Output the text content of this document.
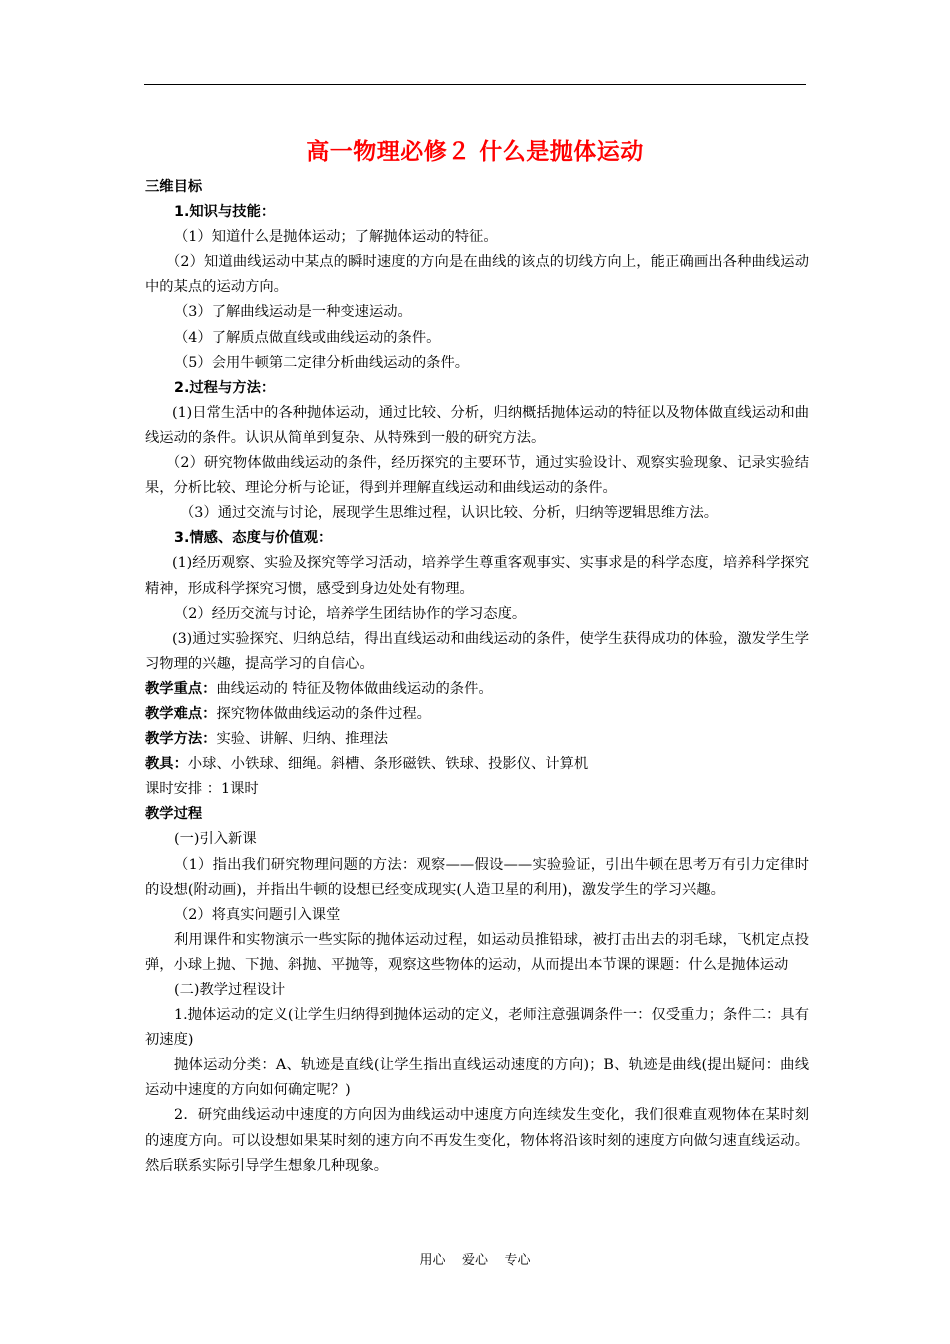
高一物理必修２ 什么是抛体运动

三维目标

1.知识与技能：

（1）知道什么是抛体运动；了解抛体运动的特征。

（2）知道曲线运动中某点的瞬时速度的方向是在曲线的该点的切线方向上，能正确画出各种曲线运动中的某点的运动方向。

（3）了解曲线运动是一种变速运动。

（4）了解质点做直线或曲线运动的条件。

（5）会用牛顿第二定律分析曲线运动的条件。

2.过程与方法：

(1)日常生活中的各种抛体运动，通过比较、分析，归纳概括抛体运动的特征以及物体做直线运动和曲线运动的条件。认识从简单到复杂、从特殊到一般的研究方法。

（2）研究物体做曲线运动的条件，经历探究的主要环节，通过实验设计、观察实验现象、记录实验结果，分析比较、理论分析与论证，得到并理解直线运动和曲线运动的条件。

（3）通过交流与讨论，展现学生思维过程，认识比较、分析，归纳等逻辑思维方法。

3.情感、态度与价值观：

(1)经历观察、实验及探究等学习活动，培养学生尊重客观事实、实事求是的科学态度，培养科学探究精神，形成科学探究习惯，感受到身边处处有物理。

（2）经历交流与讨论，培养学生团结协作的学习态度。

(3)通过实验探究、归纳总结，得出直线运动和曲线运动的条件，使学生获得成功的体验，激发学生学习物理的兴趣，提高学习的自信心。

教学重点：曲线运动的 特征及物体做曲线运动的条件。

教学难点：探究物体做曲线运动的条件过程。

教学方法：实验、讲解、归纳、推理法

教具：小球、小铁球、细绳。斜槽、条形磁铁、铁球、投影仪、计算机

课时安排 ：1课时

教学过程

(一)引入新课

（1）指出我们研究物理问题的方法：观察——假设——实验验证，引出牛顿在思考万有引力定律时的设想(附动画)，并指出牛顿的设想已经变成现实(人造卫星的利用)，激发学生的学习兴趣。

（2）将真实问题引入课堂

利用课件和实物演示一些实际的抛体运动过程，如运动员推铅球，被打击出去的羽毛球，飞机定点投弹，小球上抛、下抛、斜抛、平抛等，观察这些物体的运动，从而提出本节课的课题：什么是抛体运动

(二)教学过程设计

1.抛体运动的定义(让学生归纳得到抛体运动的定义，老师注意强调条件一：仅受重力；条件二：具有初速度)

抛体运动分类：A、轨迹是直线(让学生指出直线运动速度的方向)；B、轨迹是曲线(提出疑问：曲线运动中速度的方向如何确定呢？)

2．研究曲线运动中速度的方向因为曲线运动中速度方向连续发生变化，我们很难直观物体在某时刻的速度方向。可以设想如果某时刻的速方向不再发生变化，物体将沿该时刻的速度方向做匀速直线运动。然后联系实际引导学生想象几种现象。

用心    爱心    专心
